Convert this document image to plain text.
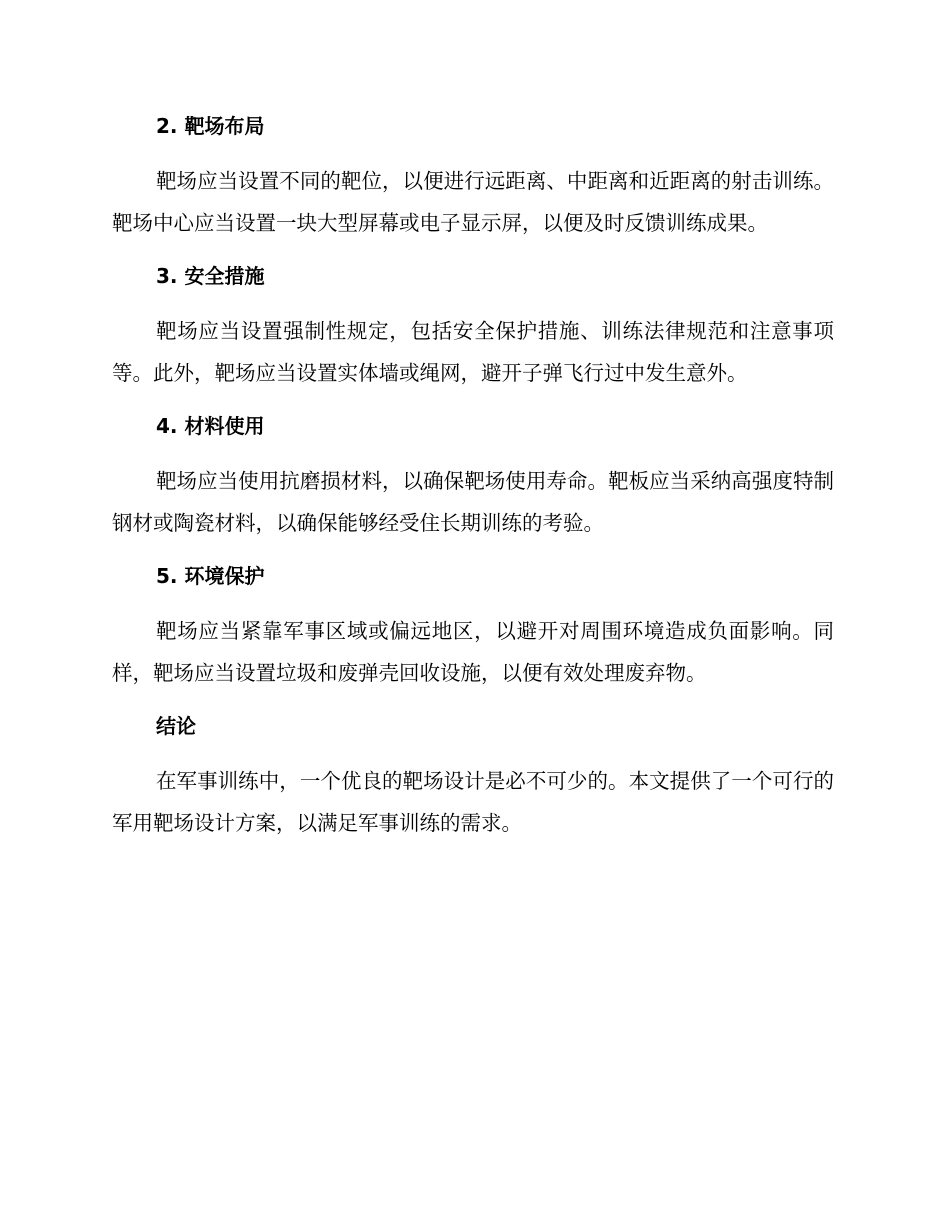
2. 靶场布局

靶场应当设置不同的靶位，以便进行远距离、中距离和近距离的射击训练。靶场中心应当设置一块大型屏幕或电子显示屏，以便及时反馈训练成果。

3. 安全措施

靶场应当设置强制性规定，包括安全保护措施、训练法律规范和注意事项等。此外，靶场应当设置实体墙或绳网，避开子弹飞行过中发生意外。

4. 材料使用

靶场应当使用抗磨损材料，以确保靶场使用寿命。靶板应当采纳高强度特制钢材或陶瓷材料，以确保能够经受住长期训练的考验。

5. 环境保护

靶场应当紧靠军事区域或偏远地区，以避开对周围环境造成负面影响。同样，靶场应当设置垃圾和废弹壳回收设施，以便有效处理废弃物。

结论

在军事训练中，一个优良的靶场设计是必不可少的。本文提供了一个可行的军用靶场设计方案，以满足军事训练的需求。
